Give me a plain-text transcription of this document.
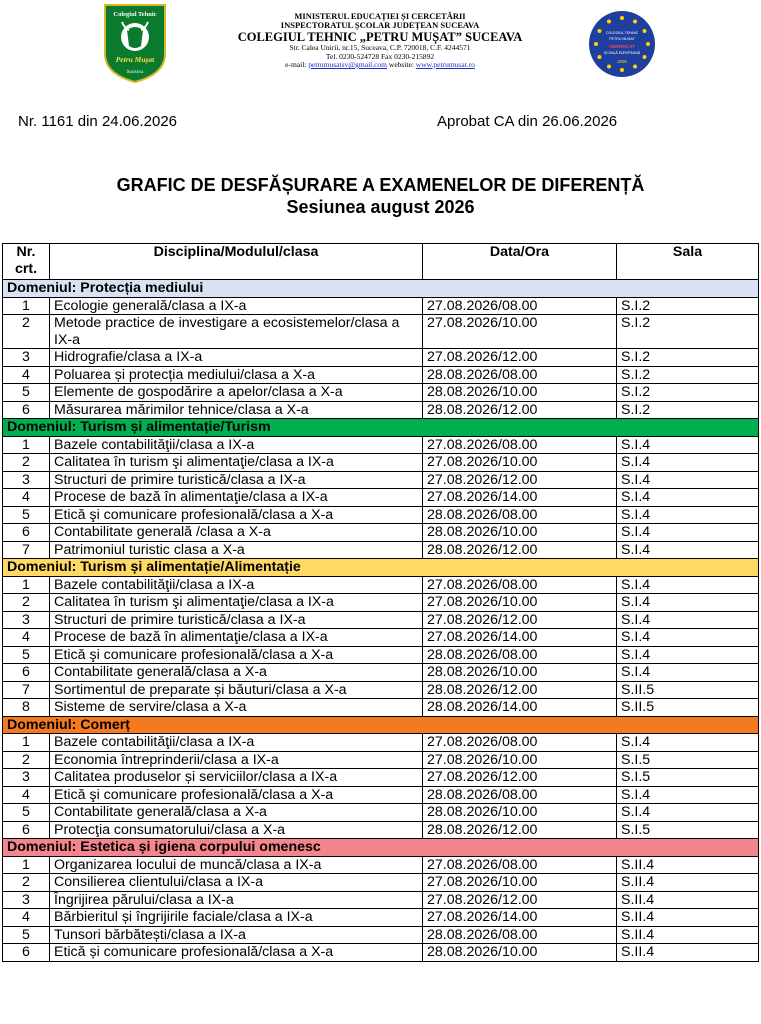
Colegiul Tehnic
Petru Mușat
Suceava
MINISTERUL EDUCAȚIEI ȘI CERCETĂRII
INSPECTORATUL ȘCOLAR JUDEȚEAN SUCEAVA
COLEGIUL TEHNIC „PETRU MUȘAT” SUCEAVA
Str. Calea Unirii, nr.15, Suceava, C.P. 720018, C.F. 4244571
Tel. 0230-524728 Fax 0230-215892
e-mail: petrumusatsv@gmail.com website: www.petrumusat.ro
COLEGIUL TEHNIC
PETRU MUȘAT
CERTIFICAT
ȘCOALĂ EUROPEANĂ
2008
Nr. 1161 din 24.06.2026	Aprobat CA din 26.06.2026
GRAFIC DE DESFĂȘURARE A EXAMENELOR DE DIFERENȚĂ
Sesiunea august 2026
Nr. crt.	Disciplina/Modulul/clasa	Data/Ora	Sala
Domeniul: Protecția mediului			
1	Ecologie generală/clasa a IX-a	27.08.2026/08.00	S.I.2
2	Metode practice de investigare a ecosistemelor/clasa a IX-a	27.08.2026/10.00	S.I.2
3	Hidrografie/clasa a IX-a	27.08.2026/12.00	S.I.2
4	Poluarea și protecția mediului/clasa a X-a	28.08.2026/08.00	S.I.2
5	Elemente de gospodărire a apelor/clasa a X-a	28.08.2026/10.00	S.I.2
6	Măsurarea mărimilor tehnice/clasa a X-a	28.08.2026/12.00	S.I.2
Domeniul: Turism și alimentație/Turism			
1	Bazele contabilităţii/clasa a IX-a	27.08.2026/08.00	S.I.4
2	Calitatea în turism şi alimentaţie/clasa a IX-a	27.08.2026/10.00	S.I.4
3	Structuri de primire turistică/clasa a IX-a	27.08.2026/12.00	S.I.4
4	Procese de bază în alimentaţie/clasa a IX-a	27.08.2026/14.00	S.I.4
5	Etică şi comunicare profesională/clasa a X-a	28.08.2026/08.00	S.I.4
6	Contabilitate generală /clasa a X-a	28.08.2026/10.00	S.I.4
7	Patrimoniul turistic clasa a X-a	28.08.2026/12.00	S.I.4
Domeniul: Turism și alimentație/Alimentație			
1	Bazele contabilităţii/clasa a IX-a	27.08.2026/08.00	S.I.4
2	Calitatea în turism şi alimentaţie/clasa a IX-a	27.08.2026/10.00	S.I.4
3	Structuri de primire turistică/clasa a IX-a	27.08.2026/12.00	S.I.4
4	Procese de bază în alimentaţie/clasa a IX-a	27.08.2026/14.00	S.I.4
5	Etică şi comunicare profesională/clasa a X-a	28.08.2026/08.00	S.I.4
6	Contabilitate generală/clasa a X-a	28.08.2026/10.00	S.I.4
7	Sortimentul de preparate și băuturi/clasa a X-a	28.08.2026/12.00	S.II.5
8	Sisteme de servire/clasa a X-a	28.08.2026/14.00	S.II.5
Domeniul: Comerț			
1	Bazele contabilităţii/clasa a IX-a	27.08.2026/08.00	S.I.4
2	Economia întreprinderii/clasa a IX-a	27.08.2026/10.00	S.I.5
3	Calitatea produselor și serviciilor/clasa a IX-a	27.08.2026/12.00	S.I.5
4	Etică şi comunicare profesională/clasa a X-a	28.08.2026/08.00	S.I.4
5	Contabilitate generală/clasa a X-a	28.08.2026/10.00	S.I.4
6	Protecţia consumatorului/clasa a X-a	28.08.2026/12.00	S.I.5
Domeniul: Estetica și igiena corpului omenesc			
1	Organizarea locului de muncă/clasa a IX-a	27.08.2026/08.00	S.II.4
2	Consilierea clientului/clasa a IX-a	27.08.2026/10.00	S.II.4
3	Îngrijirea părului/clasa a IX-a	27.08.2026/12.00	S.II.4
4	Bărbieritul și îngrijirile faciale/clasa a IX-a	27.08.2026/14.00	S.II.4
5	Tunsori bărbătești/clasa a IX-a	28.08.2026/08.00	S.II.4
6	Etică și comunicare profesională/clasa a X-a	28.08.2026/10.00	S.II.4
